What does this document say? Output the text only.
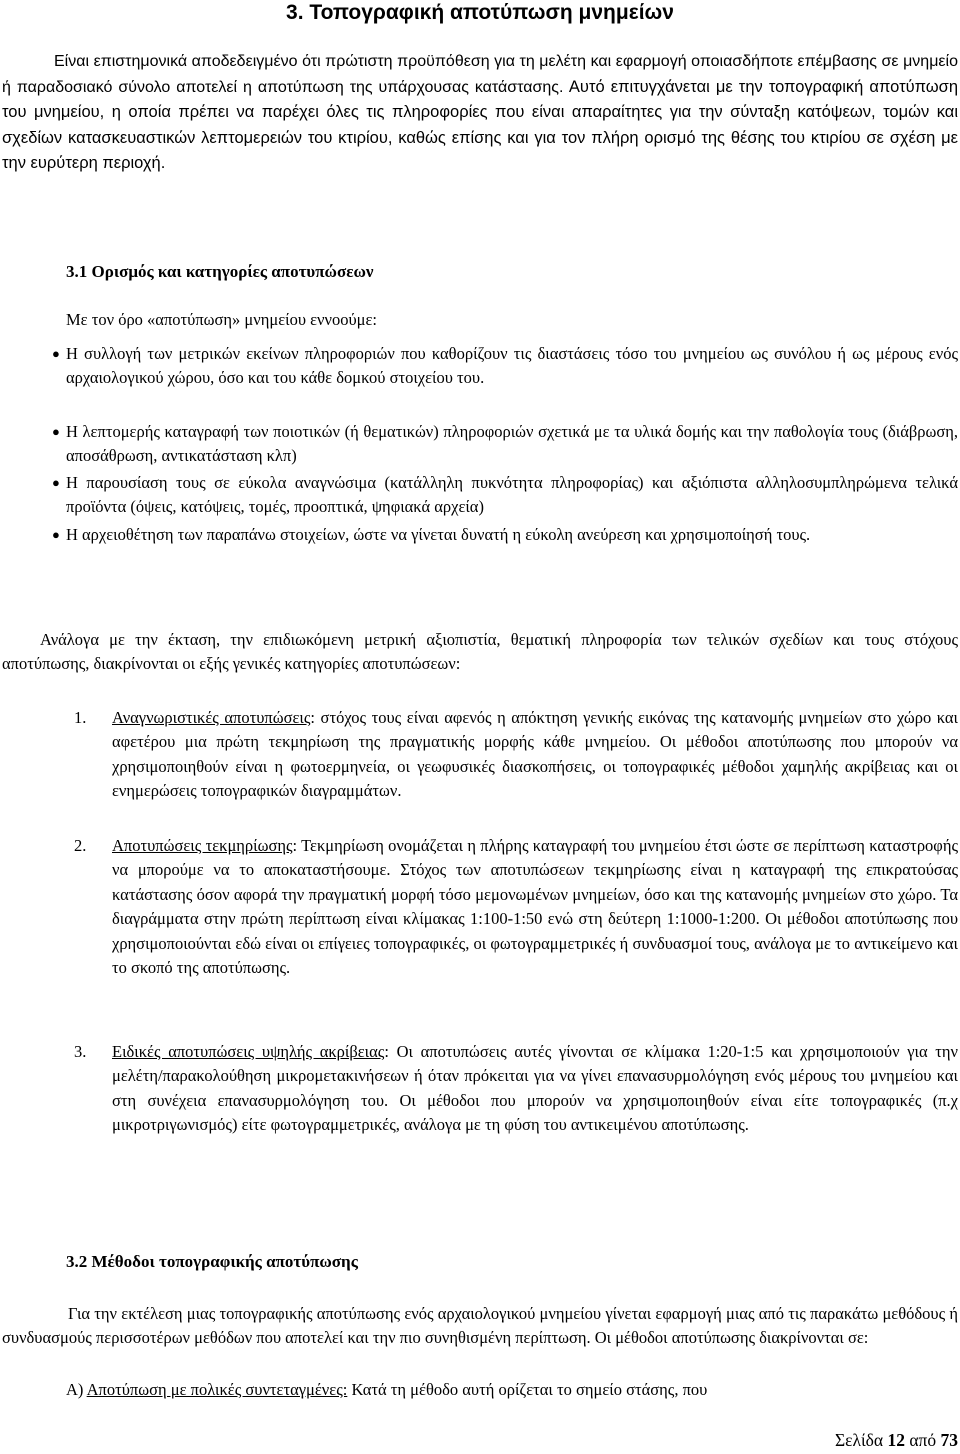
3. Τοπογραφική αποτύπωση μνημείων
Είναι επιστημονικά αποδεδειγμένο ότι πρώτιστη προϋπόθεση για τη μελέτη και εφαρμογή οποιασδήποτε επέμβασης σε μνημείο ή παραδοσιακό σύνολο αποτελεί η αποτύπωση της υπάρχουσας κατάστασης. Αυτό επιτυγχάνεται με την τοπογραφική αποτύπωση του μνημείου, η οποία πρέπει να παρέχει όλες τις πληροφορίες που είναι απαραίτητες για την σύνταξη κατόψεων, τομών και σχεδίων κατασκευαστικών λεπτομερειών του κτιρίου, καθώς επίσης και για τον πλήρη ορισμό της θέσης του κτιρίου σε σχέση με την ευρύτερη περιοχή.
3.1 Ορισμός και κατηγορίες αποτυπώσεων
Με τον όρο «αποτύπωση» μνημείου εννοούμε:
● Η συλλογή των μετρικών εκείνων πληροφοριών που καθορίζουν τις διαστάσεις τόσο του μνημείου ως συνόλου ή ως μέρους ενός αρχαιολογικού χώρου, όσο και του κάθε δομκού στοιχείου του.
● Η λεπτομερής καταγραφή των ποιοτικών (ή θεματικών) πληροφοριών σχετικά με τα υλικά δομής και την παθολογία τους (διάβρωση, αποσάθρωση, αντικατάσταση κλπ)
● Η παρουσίαση τους σε εύκολα αναγνώσιμα (κατάλληλη πυκνότητα πληροφορίας) και αξιόπιστα αλληλοσυμπληρώμενα τελικά προϊόντα (όψεις, κατόψεις, τομές, προοπτικά, ψηφιακά αρχεία)
● Η αρχειοθέτηση των παραπάνω στοιχείων, ώστε να γίνεται δυνατή η εύκολη ανεύρεση και χρησιμοποίησή τους.
Ανάλογα με την έκταση, την επιδιωκόμενη μετρική αξιοπιστία, θεματική πληροφορία των τελικών σχεδίων και τους στόχους αποτύπωσης, διακρίνονται οι εξής γενικές κατηγορίες αποτυπώσεων:
1. Αναγνωριστικές αποτυπώσεις: στόχος τους είναι αφενός η απόκτηση γενικής εικόνας της κατανομής μνημείων στο χώρο και αφετέρου μια πρώτη τεκμηρίωση της πραγματικής μορφής κάθε μνημείου. Οι μέθοδοι αποτύπωσης που μπορούν να χρησιμοποιηθούν είναι η φωτοερμηνεία, οι γεωφυσικές διασκοπήσεις, οι τοπογραφικές μέθοδοι χαμηλής ακρίβειας και οι ενημερώσεις τοπογραφικών διαγραμμάτων.
2. Αποτυπώσεις τεκμηρίωσης: Τεκμηρίωση ονομάζεται η πλήρης καταγραφή του μνημείου έτσι ώστε σε περίπτωση καταστροφής να μπορούμε να το αποκαταστήσουμε. Στόχος των αποτυπώσεων τεκμηρίωσης είναι η καταγραφή της επικρατούσας κατάστασης όσον αφορά την πραγματική μορφή τόσο μεμονωμένων μνημείων, όσο και της κατανομής μνημείων στο χώρο. Τα διαγράμματα στην πρώτη περίπτωση είναι κλίμακας 1:100-1:50 ενώ στη δεύτερη 1:1000-1:200. Οι μέθοδοι αποτύπωσης που χρησιμοποιούνται εδώ είναι οι επίγειες τοπογραφικές, οι φωτογραμμετρικές ή συνδυασμοί τους, ανάλογα με το αντικείμενο και το σκοπό της αποτύπωσης.
3. Ειδικές αποτυπώσεις υψηλής ακρίβειας: Οι αποτυπώσεις αυτές γίνονται σε κλίμακα 1:20-1:5 και χρησιμοποιούν για την μελέτη/παρακολούθηση μικρομετακινήσεων ή όταν πρόκειται για να γίνει επανασυρμολόγηση ενός μέρους του μνημείου και στη συνέχεια επανασυρμολόγηση του. Οι μέθοδοι που μπορούν να χρησιμοποιηθούν είναι είτε τοπογραφικές (π.χ μικροτριγωνισμός) είτε φωτογραμμετρικές, ανάλογα με τη φύση του αντικειμένου αποτύπωσης.
3.2 Μέθοδοι τοπογραφικής αποτύπωσης
Για την εκτέλεση μιας τοπογραφικής αποτύπωσης ενός αρχαιολογικού μνημείου γίνεται εφαρμογή μιας από τις παρακάτω μεθόδους ή συνδυασμούς περισσοτέρων μεθόδων που αποτελεί και την πιο συνηθισμένη περίπτωση. Οι μέθοδοι αποτύπωσης διακρίνονται σε:
Α) Αποτύπωση με πολικές συντεταγμένες: Κατά τη μέθοδο αυτή ορίζεται το σημείο στάσης, που
Σελίδα 12 από 73
